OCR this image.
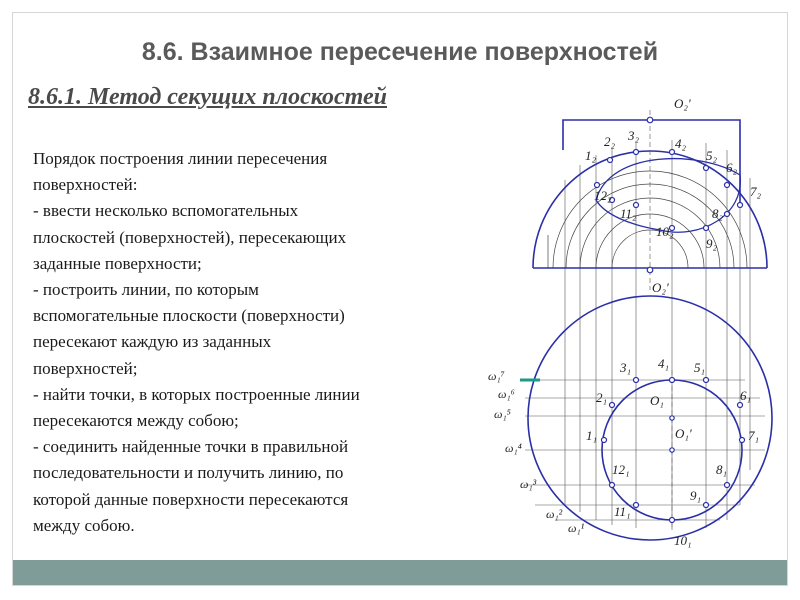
8.6. Взаимное пересечение поверхностей
8.6.1. Метод секущих плоскостей
Порядок построения линии пересечения
поверхностей:
- ввести несколько вспомогательных
плоскостей (поверхностей), пересекающих
заданные поверхности;
- построить линии, по которым
вспомогательные плоскости (поверхности)
пересекают каждую из заданных
поверхностей;
- найти точки, в которых построенные линии
пересекаются между собою;
- соединить найденные точки в правильной
последовательности и получить линию, по
которой данные поверхности пересекаются
между собою.
O₂ʹ
1₂
2₂ 3₂
4₂
5₂
6₂
7₂
8₂
9₂
10₂
11₂
12₂
O₂ʹ
3₁ 4₁ 5₁
2₁	O₁	6₁
1₁	O₁ʹ	7₁
12₁	8₁
9₁
11₁
10₁
ω₁⁷
ω₁⁶
ω₁⁵
ω₁⁴
ω₁³
ω₁²
ω₁¹
